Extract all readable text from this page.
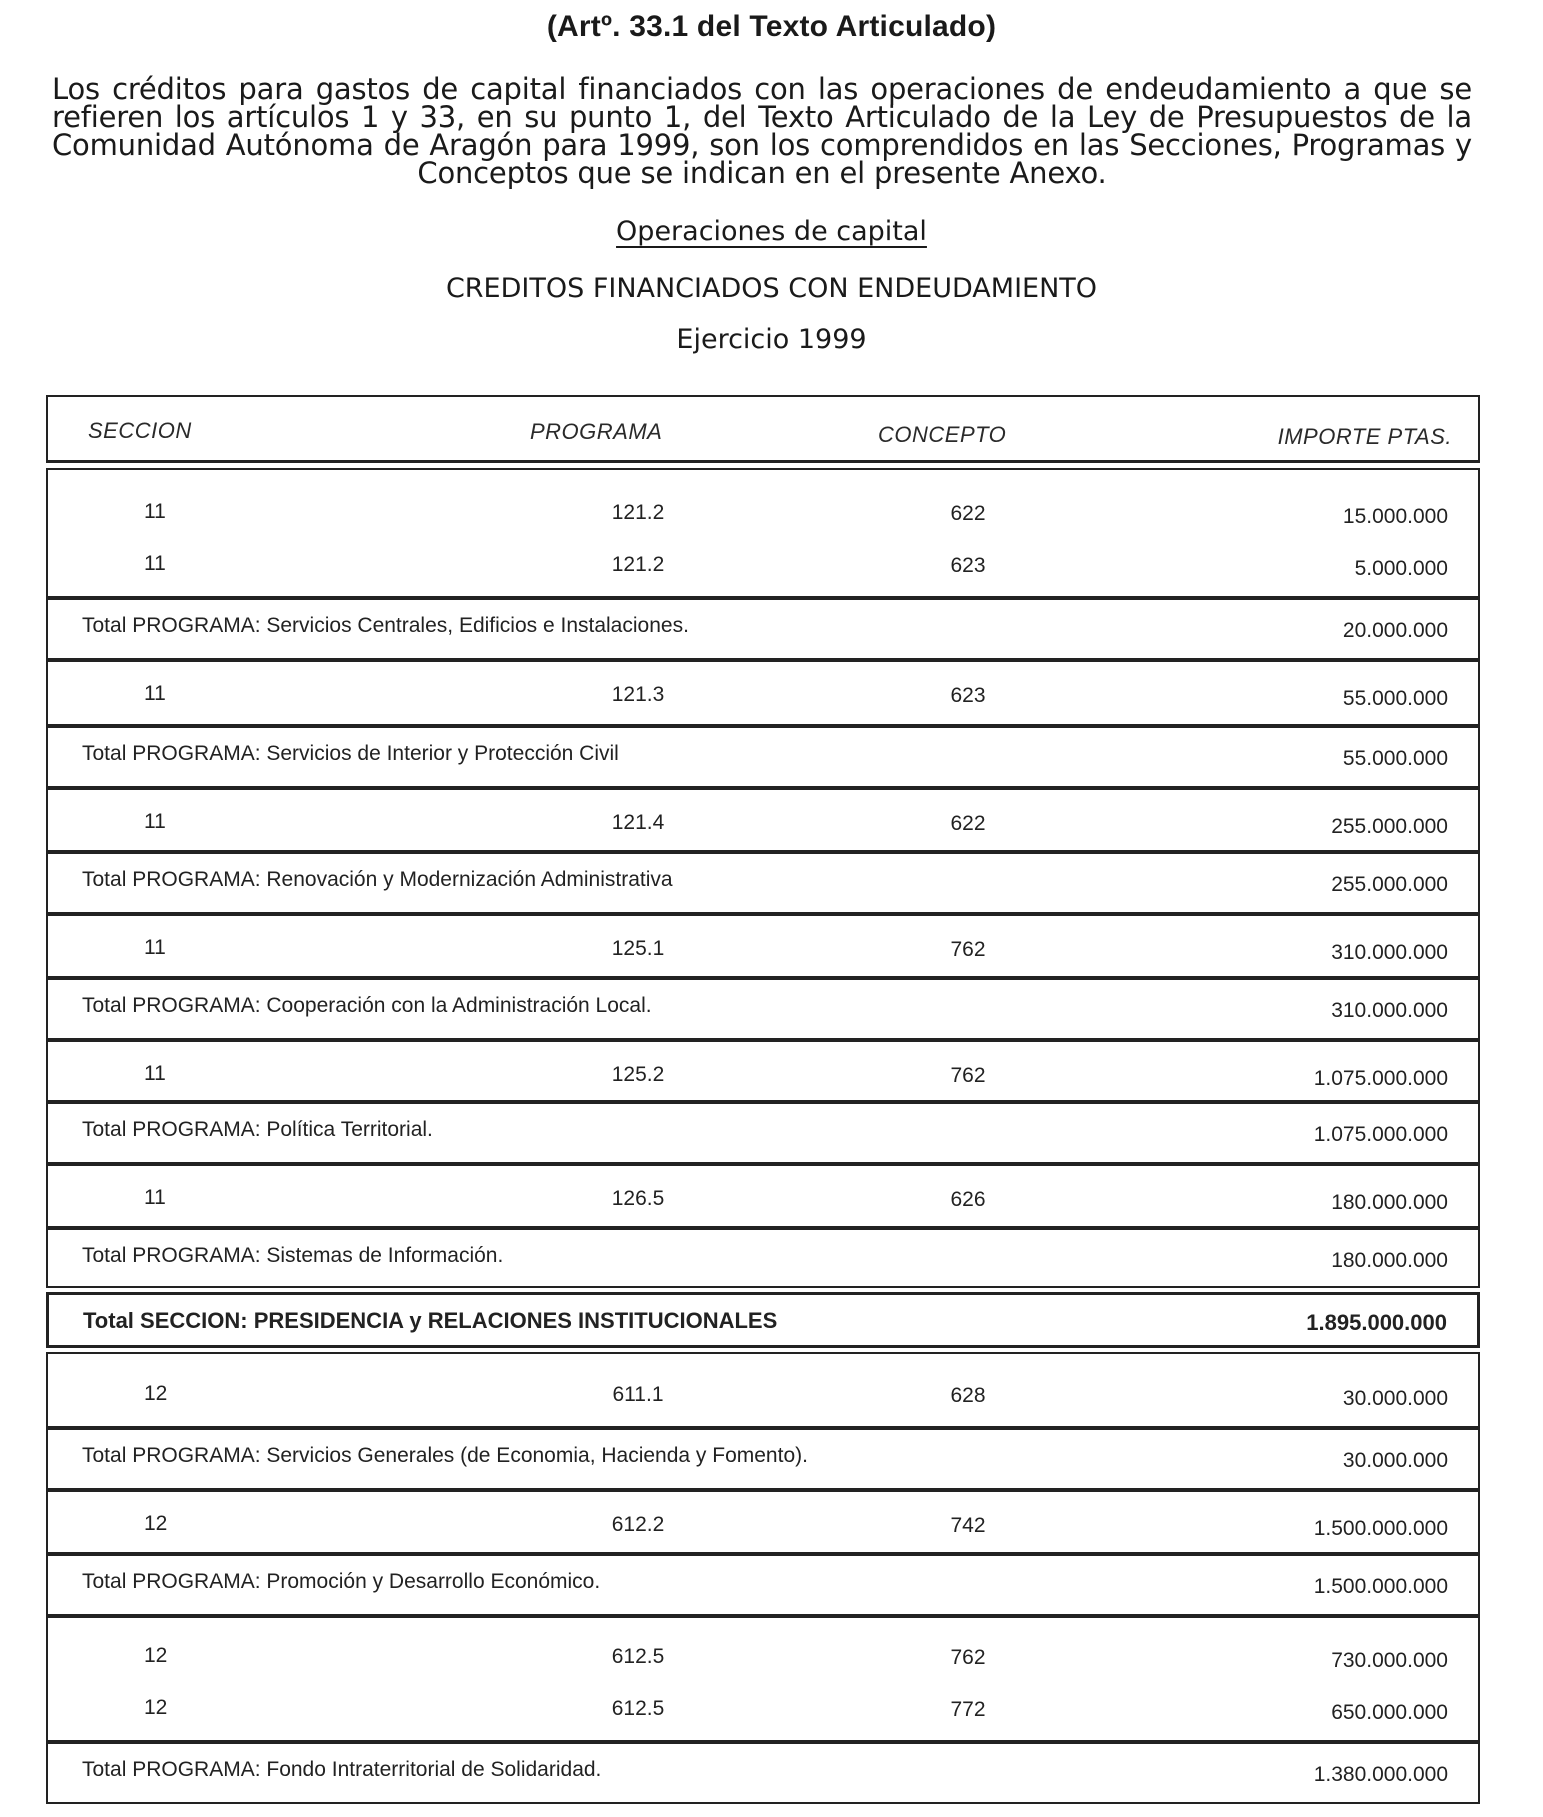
(Artº. 33.1 del Texto Articulado)
Los créditos para gastos de capital financiados con las operaciones de endeudamiento a que se refieren los artículos 1 y 33, en su punto 1, del Texto Articulado de la Ley de Presupuestos de la Comunidad Autónoma de Aragón para 1999, son los comprendidos en las Secciones, Programas y Conceptos que se indican en el presente Anexo.
Operaciones de capital
CREDITOS FINANCIADOS CON ENDEUDAMIENTO
Ejercicio 1999
SECCION	PROGRAMA	CONCEPTO	IMPORTE PTAS.
11	121.2	622	15.000.000
11	121.2	623	5.000.000
Total PROGRAMA: Servicios Centrales, Edificios e Instalaciones.	20.000.000
11	121.3	623	55.000.000
Total PROGRAMA: Servicios de Interior y Protección Civil	55.000.000
11	121.4	622	255.000.000
Total PROGRAMA: Renovación y Modernización Administrativa	255.000.000
11	125.1	762	310.000.000
Total PROGRAMA: Cooperación con la Administración Local.	310.000.000
11	125.2	762	1.075.000.000
Total PROGRAMA: Política Territorial.	1.075.000.000
11	126.5	626	180.000.000
Total PROGRAMA: Sistemas de Información.	180.000.000
Total SECCION: PRESIDENCIA y RELACIONES INSTITUCIONALES	1.895.000.000
12	611.1	628	30.000.000
Total PROGRAMA: Servicios Generales (de Economia, Hacienda y Fomento).	30.000.000
12	612.2	742	1.500.000.000
Total PROGRAMA: Promoción y Desarrollo Económico.	1.500.000.000
12	612.5	762	730.000.000
12	612.5	772	650.000.000
Total PROGRAMA: Fondo Intraterritorial de Solidaridad.	1.380.000.000
